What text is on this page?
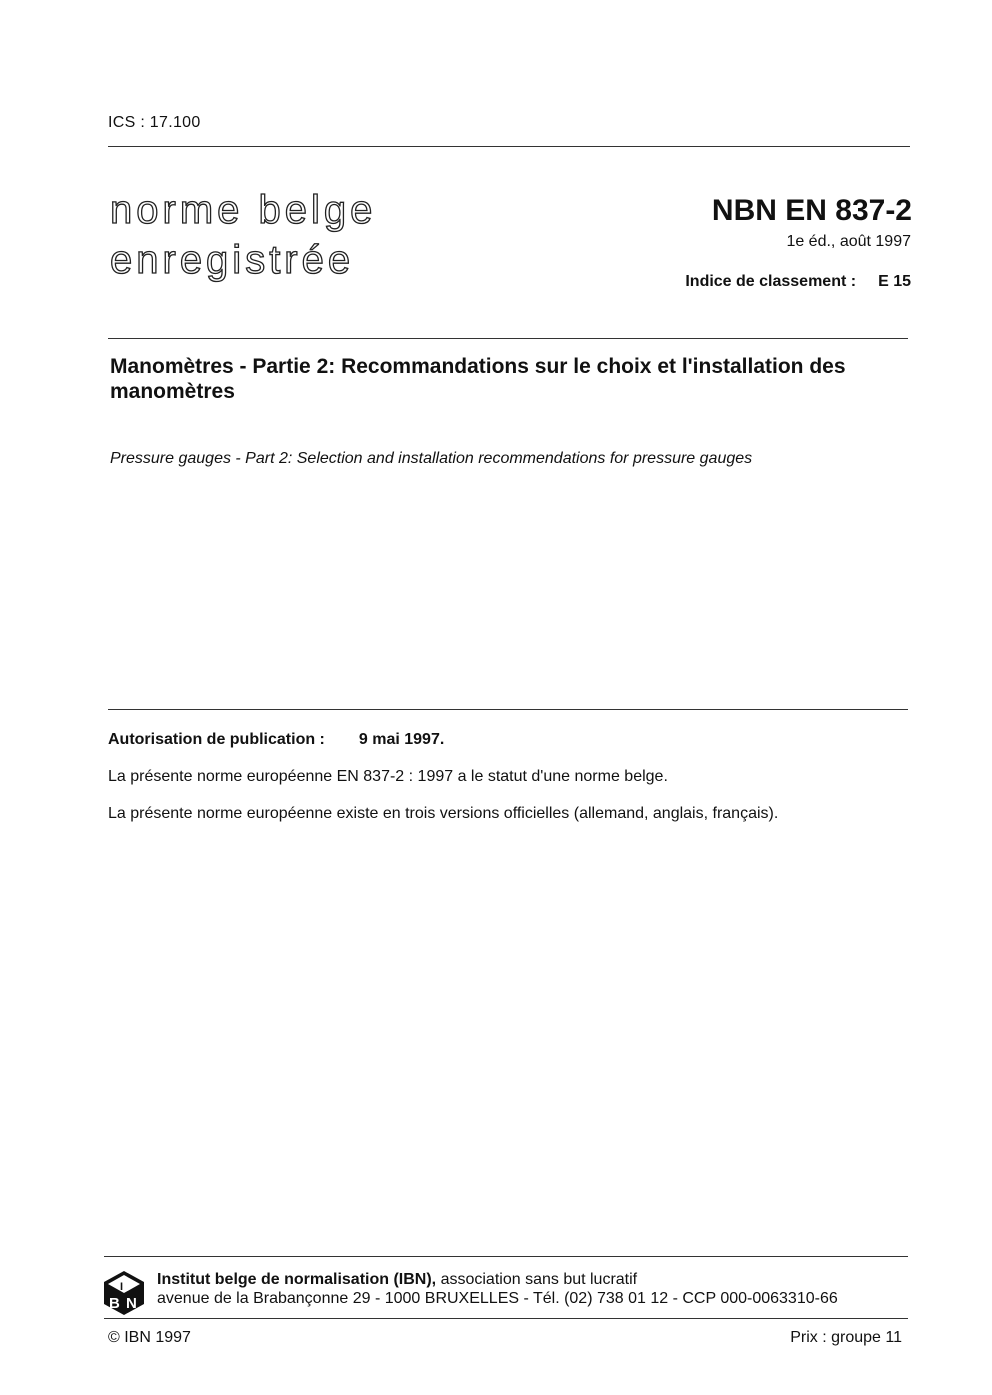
ICS : 17.100
norme belge
enregistrée
NBN EN 837-2
1e éd., août 1997
Indice de classement : E 15
Manomètres - Partie 2: Recommandations sur le choix et l'installation des manomètres
Pressure gauges - Part 2: Selection and installation recommendations for pressure gauges
Autorisation de publication : 9 mai 1997.
La présente norme européenne EN 837-2 : 1997 a le statut d'une norme belge.
La présente norme européenne existe en trois versions officielles (allemand, anglais, français).
B N
I Institut belge de normalisation (IBN), association sans but lucratif
avenue de la Brabançonne 29 - 1000 BRUXELLES - Tél. (02) 738 01 12 - CCP 000-0063310-66
© IBN 1997	Prix : groupe 11
